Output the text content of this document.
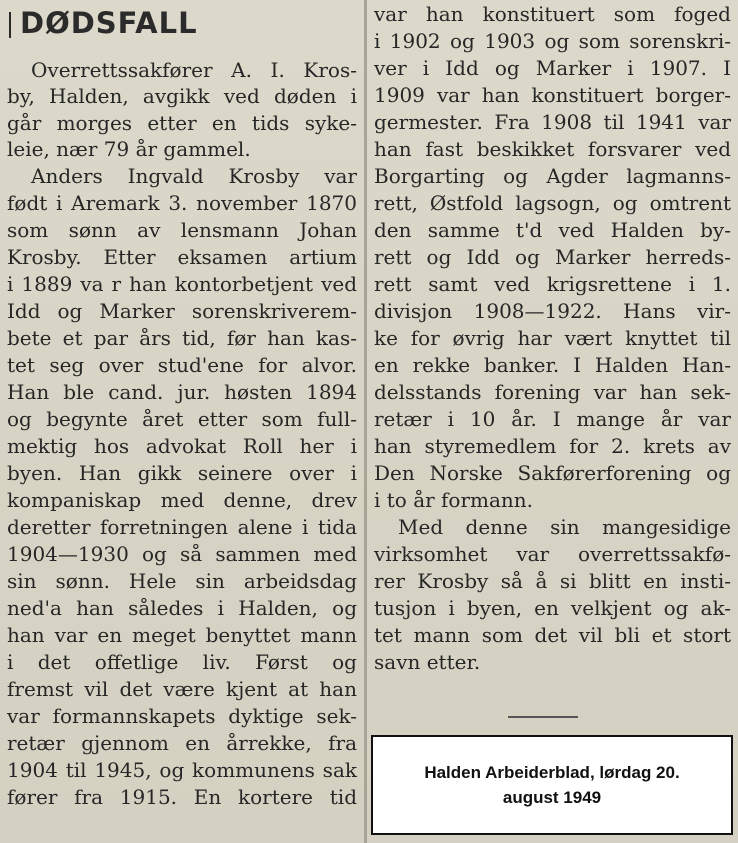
DØDSFALL
Overrettssakfører A. I. Kros-
by, Halden, avgikk ved døden i
går morges etter en tids syke-
leie, nær 79 år gammel.
Anders Ingvald Krosby var
født i Aremark 3. november 1870
som sønn av lensmann Johan
Krosby. Etter eksamen artium
i 1889 va r han kontorbetjent ved
Idd og Marker sorenskriverem-
bete et par års tid, før han kas-
tet seg over stud'ene for alvor.
Han ble cand. jur. høsten 1894
og begynte året etter som full-
mektig hos advokat Roll her i
byen. Han gikk seinere over i
kompaniskap med denne, drev
deretter forretningen alene i tida
1904—1930 og så sammen med
sin sønn. Hele sin arbeidsdag
ned'a han således i Halden, og
han var en meget benyttet mann
i det offetlige liv. Først og
fremst vil det være kjent at han
var formannskapets dyktige sek-
retær gjennom en årrekke, fra
1904 til 1945, og kommunens sak
fører fra 1915. En kortere tid
var han konstituert som foged
i 1902 og 1903 og som sorenskri-
ver i Idd og Marker i 1907. I
1909 var han konstituert borger-
germester. Fra 1908 til 1941 var
han fast beskikket forsvarer ved
Borgarting og Agder lagmanns-
rett, Østfold lagsogn, og omtrent
den samme t'd ved Halden by-
rett og Idd og Marker herreds-
rett samt ved krigsrettene i 1.
divisjon 1908—1922. Hans vir-
ke for øvrig har vært knyttet til
en rekke banker. I Halden Han-
delsstands forening var han sek-
retær i 10 år. I mange år var
han styremedlem for 2. krets av
Den Norske Sakførerforening og
i to år formann.
Med denne sin mangesidige
virksomhet var overrettssakfø-
rer Krosby så å si blitt en insti-
tusjon i byen, en velkjent og ak-
tet mann som det vil bli et stort
savn etter.
Halden Arbeiderblad, lørdag 20.
august 1949
